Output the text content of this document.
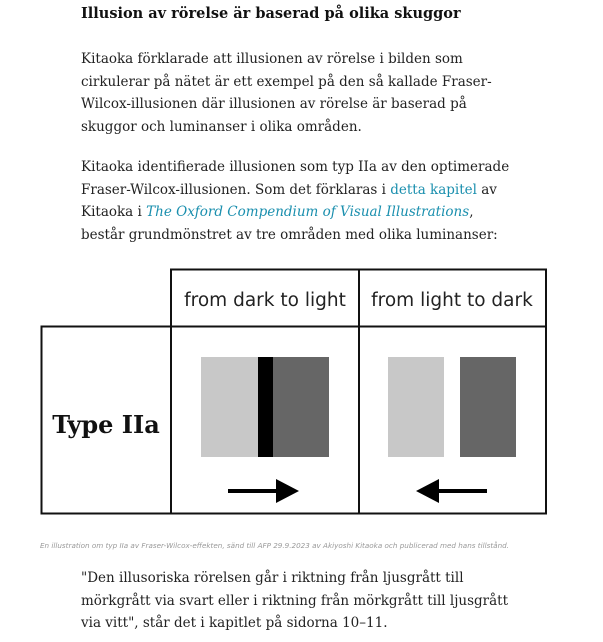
Illusion av rörelse är baserad på olika skuggor

Kitaoka förklarade att illusionen av rörelse i bilden som cirkulerar på nätet är ett exempel på den så kallade Fraser-Wilcox-illusionen där illusionen av rörelse är baserad på skuggor och luminanser i olika områden.

Kitaoka identifierade illusionen som typ IIa av den optimerade Fraser-Wilcox-illusionen. Som det förklaras i detta kapitel av Kitaoka i The Oxford Compendium of Visual Illustrations, består grundmönstret av tre områden med olika luminanser:

from dark to light from light to dark
Type IIa
En illustration om typ IIa av Fraser-Wilcox-effekten, sänd till AFP 29.9.2023 av Akiyoshi Kitaoka och publicerad med hans tillstånd.

"Den illusoriska rörelsen går i riktning från ljusgrått till mörkgrått via svart eller i riktning från mörkgrått till ljusgrått via vitt", står det i kapitlet på sidorna 10–11.
